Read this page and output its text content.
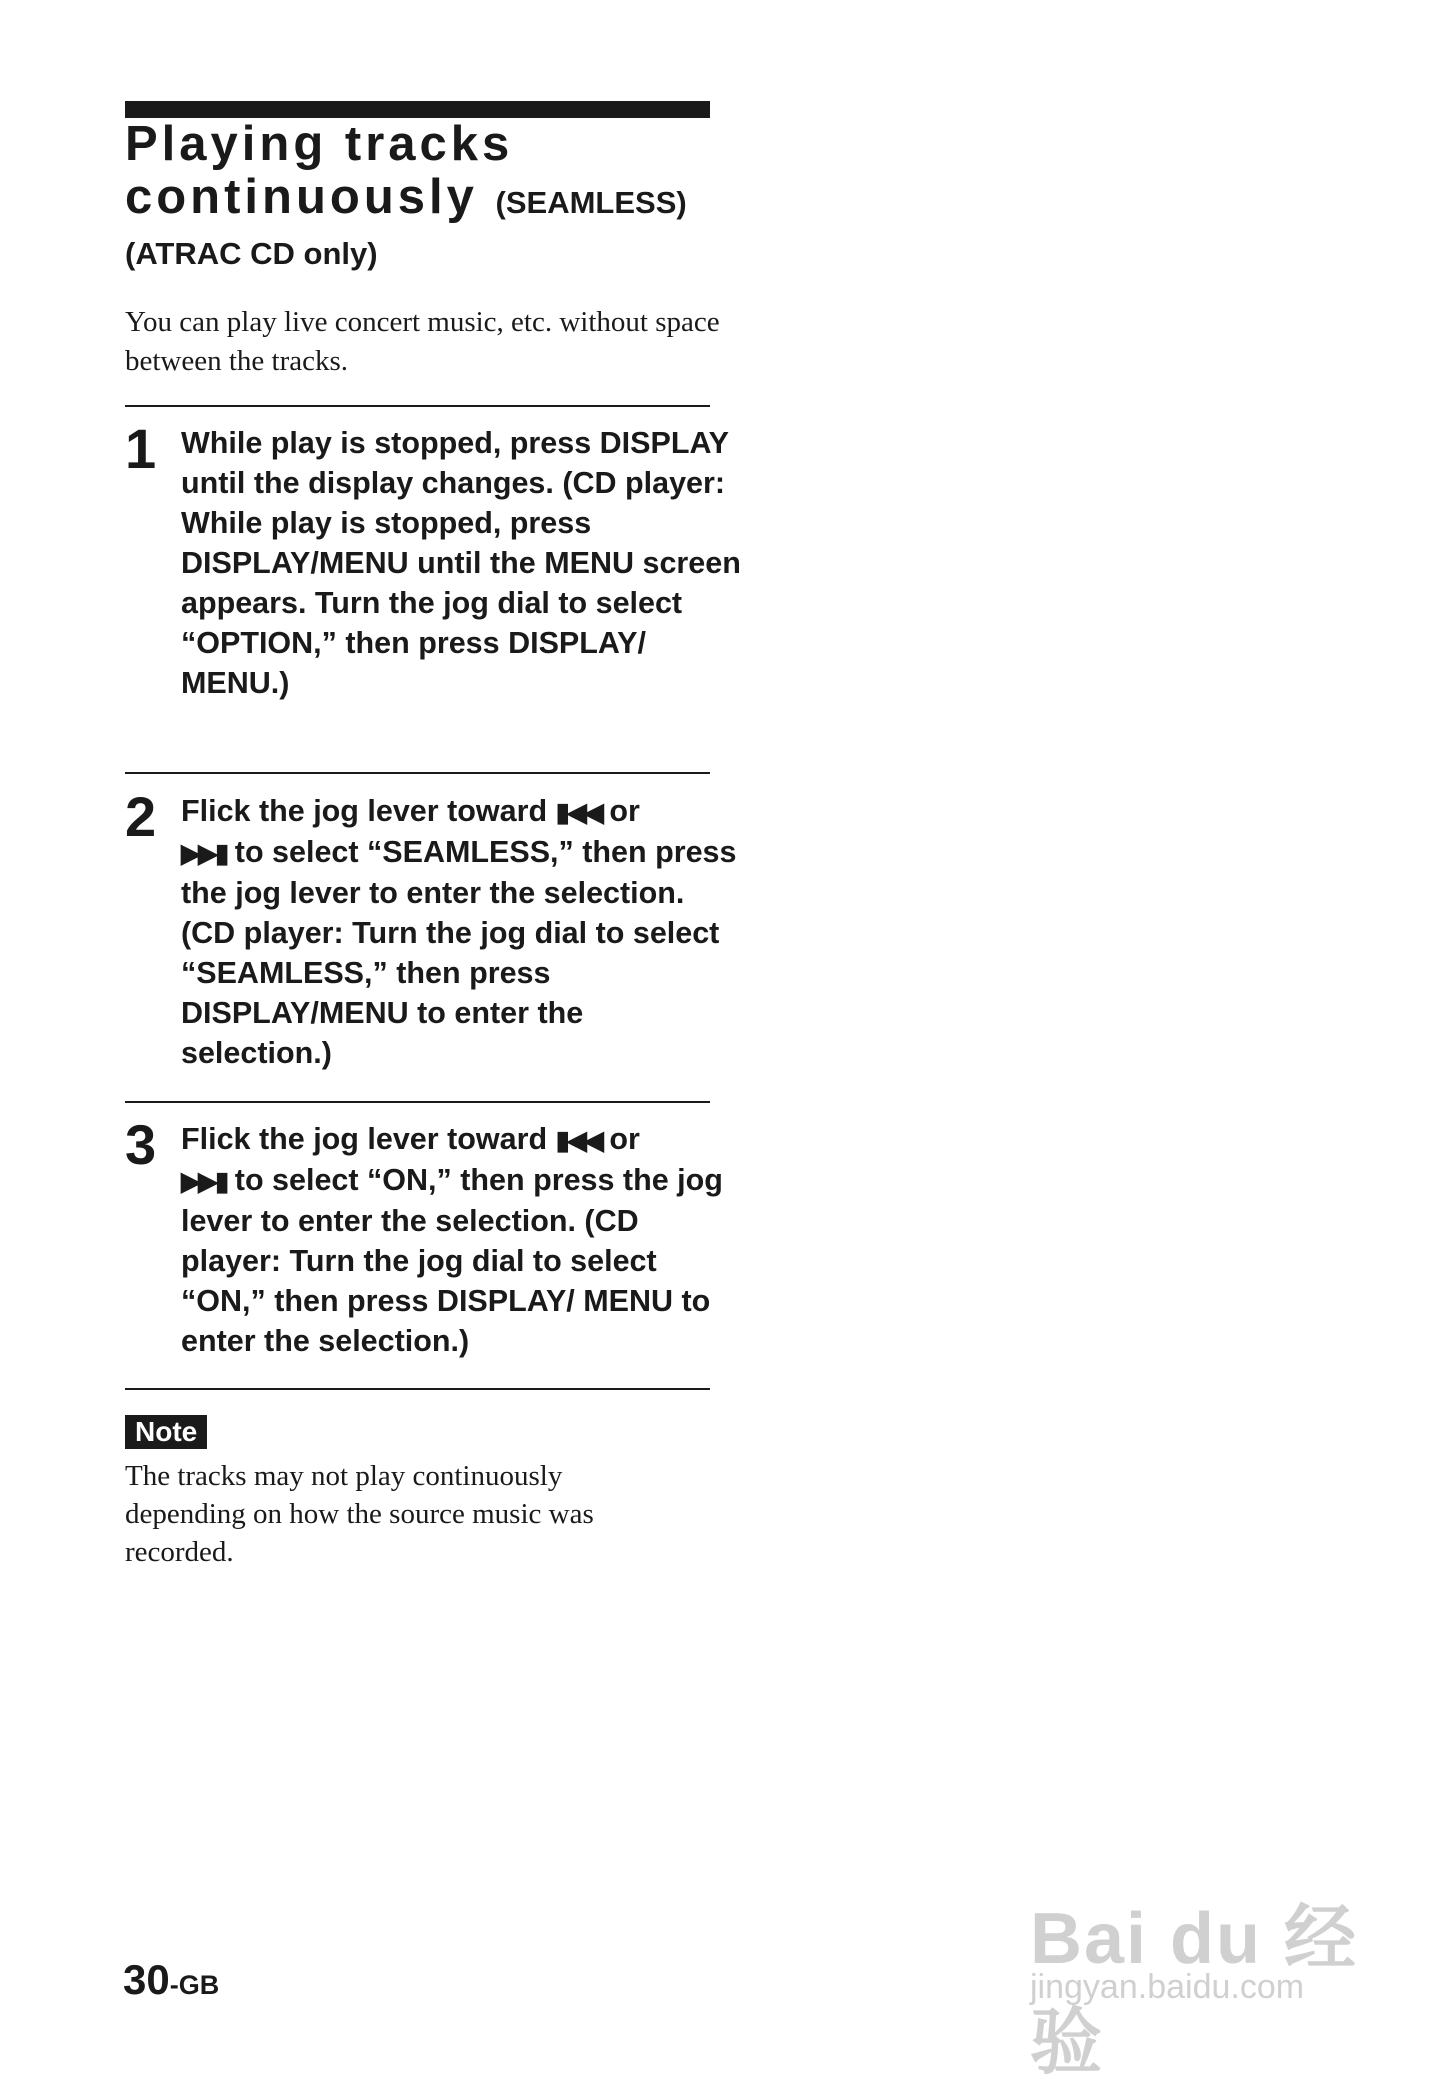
Playing tracks
continuously (SEAMLESS)

(ATRAC CD only)

You can play live concert music, etc. without space between the tracks.

1 While play is stopped, press DISPLAY until the display changes. (CD player: While play is stopped, press DISPLAY/MENU until the MENU screen appears. Turn the jog dial to select “OPTION,” then press DISPLAY/ MENU.)
2 Flick the jog lever toward ▮◀◀ or
▶▶▮ to select “SEAMLESS,” then press the jog lever to enter the selection. (CD player: Turn the jog dial to select “SEAMLESS,” then press DISPLAY/MENU to enter the selection.)
3 Flick the jog lever toward ▮◀◀ or
▶▶▮ to select “ON,” then press the jog lever to enter the selection. (CD player: Turn the jog dial to select “ON,” then press DISPLAY/ MENU to enter the selection.)
Note

The tracks may not play continuously depending on how the source music was recorded.

30-GB
Bai du 经验
jingyan.baidu.com
